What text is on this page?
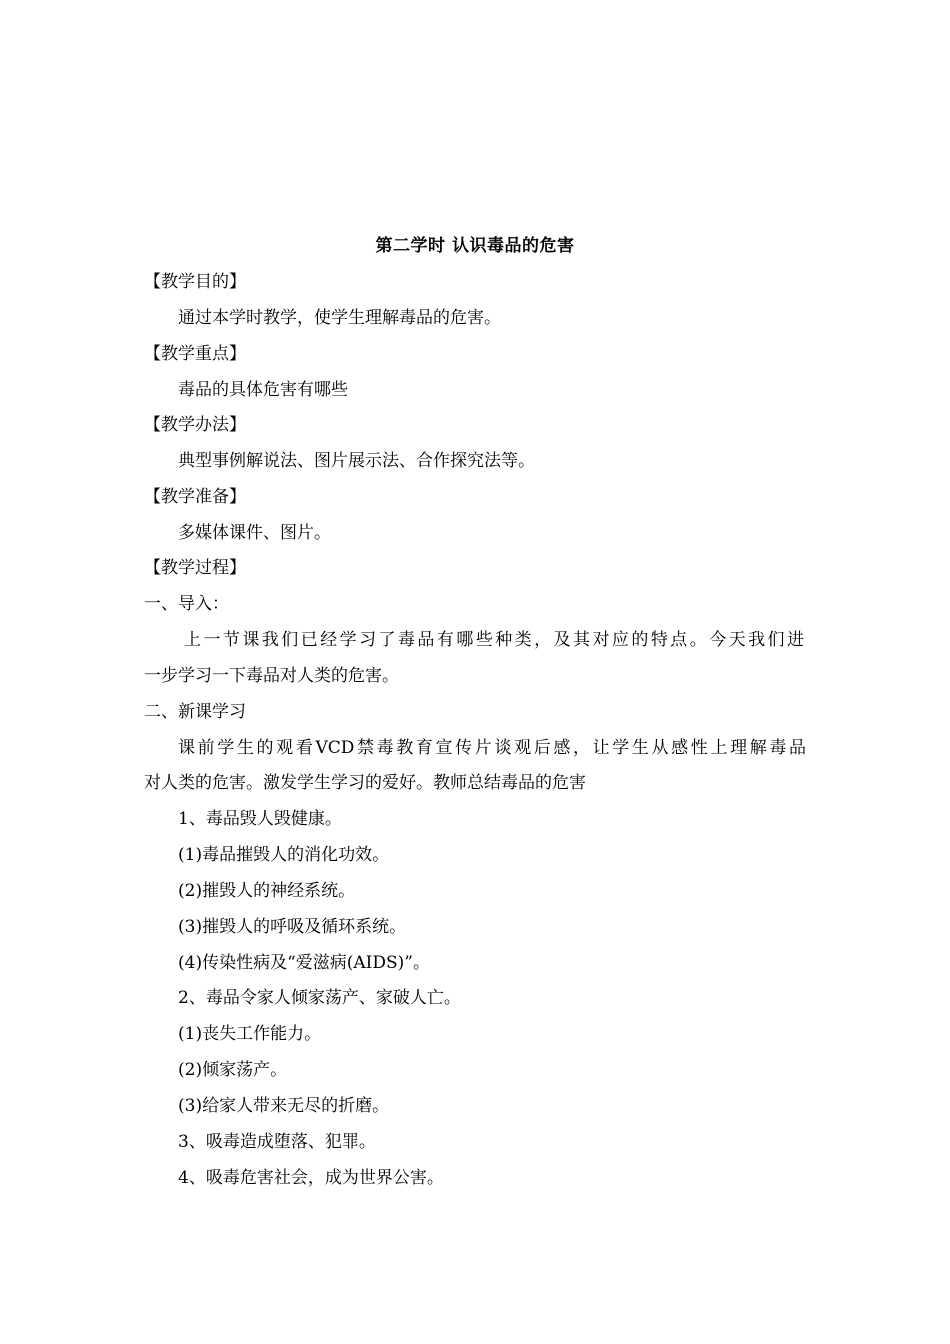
第二学时 认识毒品的危害
【教学目的】
通过本学时教学，使学生理解毒品的危害。
【教学重点】
毒品的具体危害有哪些
【教学办法】
典型事例解说法、图片展示法、合作探究法等。
【教学准备】
多媒体课件、图片。
【教学过程】
一、导入：
上一节课我们已经学习了毒品有哪些种类，及其对应的特点。今天我们进
一步学习一下毒品对人类的危害。
二、新课学习
课前学生的观看VCD禁毒教育宣传片谈观后感，让学生从感性上理解毒品
对人类的危害。激发学生学习的爱好。教师总结毒品的危害
1、毒品毁人毁健康。
(1)毒品摧毁人的消化功效。
(2)摧毁人的神经系统。
(3)摧毁人的呼吸及循环系统。
(4)传染性病及“爱滋病(AIDS)”。
2、毒品令家人倾家荡产、家破人亡。
(1)丧失工作能力。
(2)倾家荡产。
(3)给家人带来无尽的折磨。
3、吸毒造成堕落、犯罪。
4、吸毒危害社会，成为世界公害。
